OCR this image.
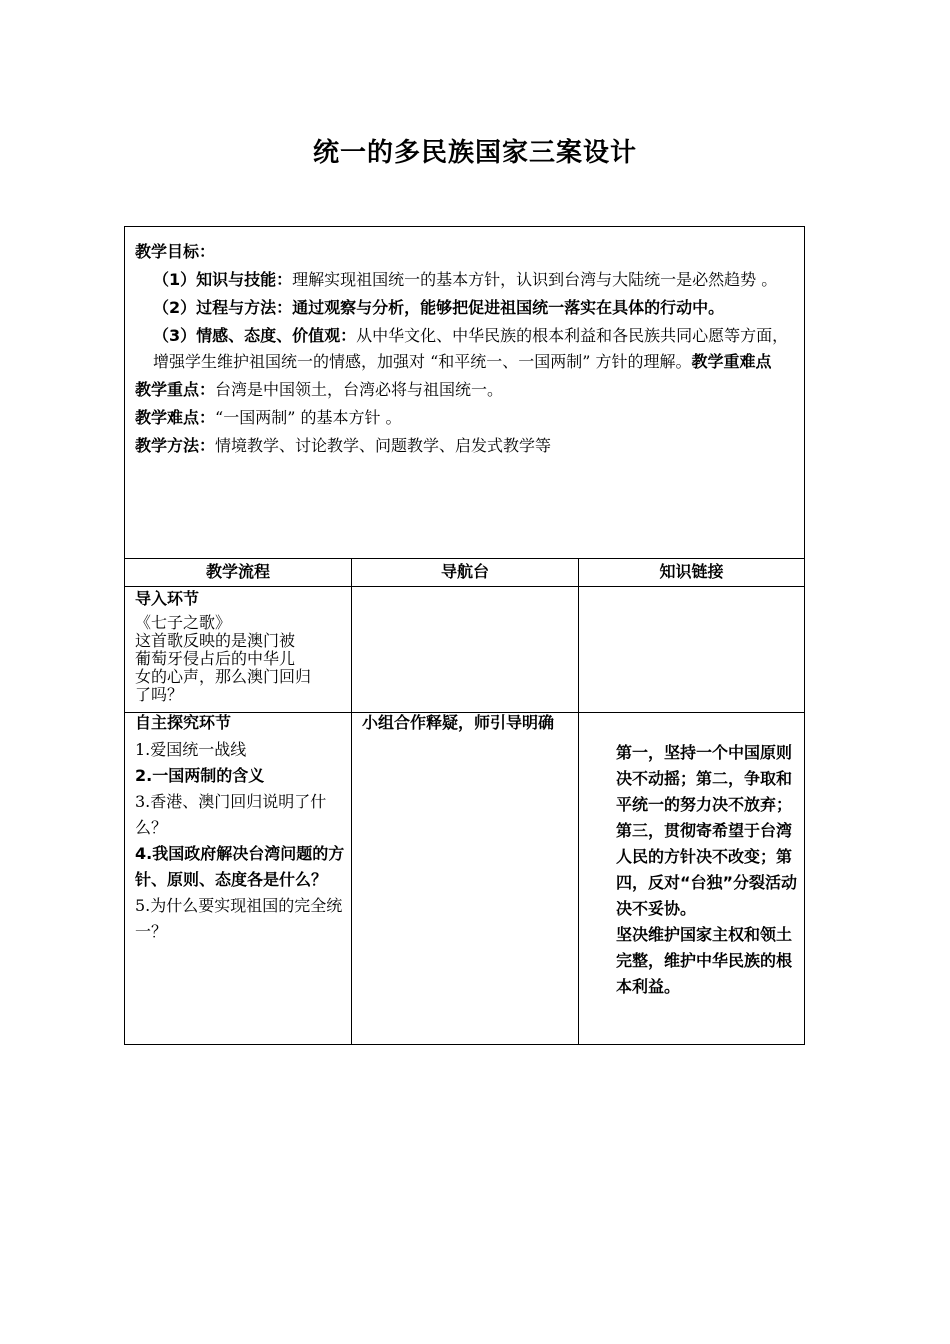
统一的多民族国家三案设计

教学目标：

（1）知识与技能：理解实现祖国统一的基本方针，认识到台湾与大陆统一是必然趋势 。

（2）过程与方法：通过观察与分析，能够把促进祖国统一落实在具体的行动中。

（3）情感、态度、价值观：从中华文化、中华民族的根本利益和各民族共同心愿等方面，增强学生维护祖国统一的情感，加强对 “和平统一、一国两制” 方针的理解。教学重难点

教学重点：台湾是中国领土，台湾必将与祖国统一。

教学难点：“一国两制” 的基本方针 。

教学方法：情境教学、讨论教学、问题教学、启发式教学等

教学流程	导航台	知识链接
导入环节
《七子之歌》
这首歌反映的是澳门被
葡萄牙侵占后的中华儿
女的心声，那么澳门回归
了吗？
自主探究环节
1.爱国统一战线
2.一国两制的含义
3.香港、澳门回归说明了什么？
4.我国政府解决台湾问题的方针、原则、态度各是什么？
5.为什么要实现祖国的完全统一？
小组合作释疑，师引导明确
第一，坚持一个中国原则决不动摇；第二，争取和平统一的努力决不放弃；第三，贯彻寄希望于台湾人民的方针决不改变；第四，反对“台独”分裂活动决不妥协。
坚决维护国家主权和领土完整，维护中华民族的根本利益。
